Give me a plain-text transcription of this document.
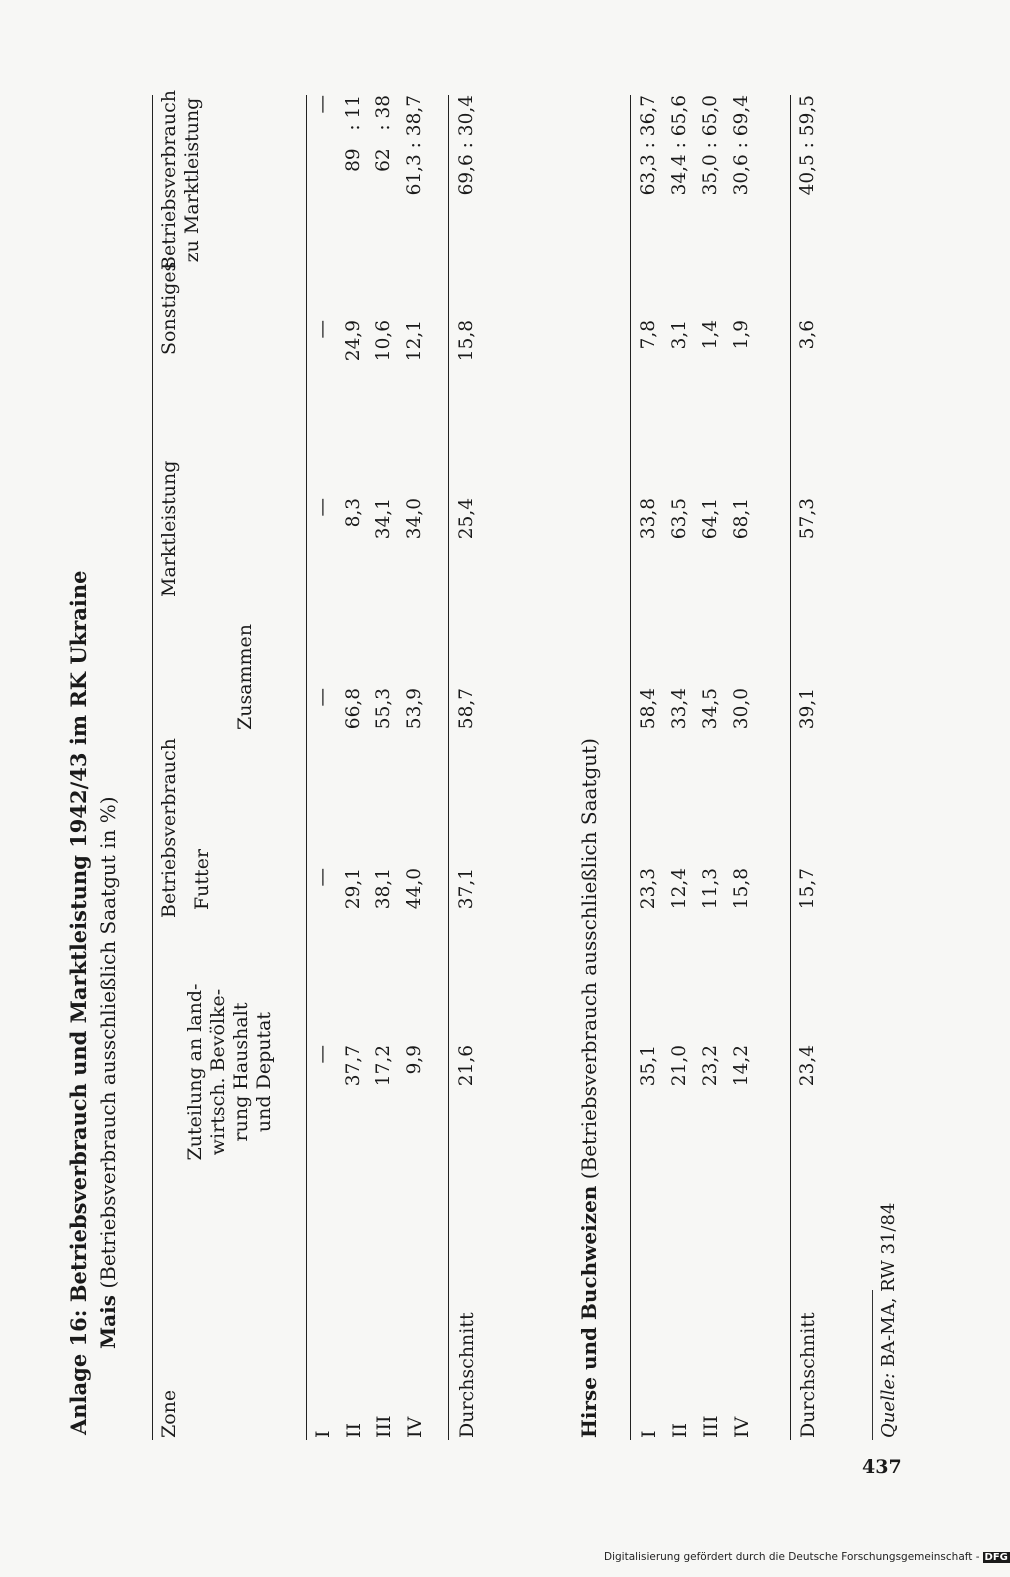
Anlage 16: Betriebsverbrauch und Marktleistung 1942/43 im RK Ukraine Mais (Betriebsverbrauch ausschließlich Saatgut in %)
Zone
Betriebsverbrauch
Zuteilung an land- wirtsch. Bevölke- rung Haushalt und Deputat
Futter
Zusammen
Marktleistung
Sonstiges
Betriebsverbrauch zu Marktleistung
I
—
—
—
—
—
—
II
37,7
29,1
66,8
8,3
24,9
89   : 11
III
17,2
38,1
55,3
34,1
10,6
62   : 38
IV
9,9
44,0
53,9
34,0
12,1
61,3 : 38,7
Durchschnitt
21,6
37,1
58,7
25,4
15,8
69,6 : 30,4
Hirse und Buchweizen (Betriebsverbrauch ausschließlich Saatgut)
I
35,1
23,3
58,4
33,8
7,8
63,3 : 36,7
II
21,0
12,4
33,4
63,5
3,1
34,4 : 65,6
III
23,2
11,3
34,5
64,1
1,4
35,0 : 65,0
IV
14,2
15,8
30,0
68,1
1,9
30,6 : 69,4
Durchschnitt
23,4
15,7
39,1
57,3
3,6
40,5 : 59,5
Quelle: BA-MA, RW 31/84
437
Digitalisierung gefördert durch die Deutsche Forschungsgemeinschaft - DFG
